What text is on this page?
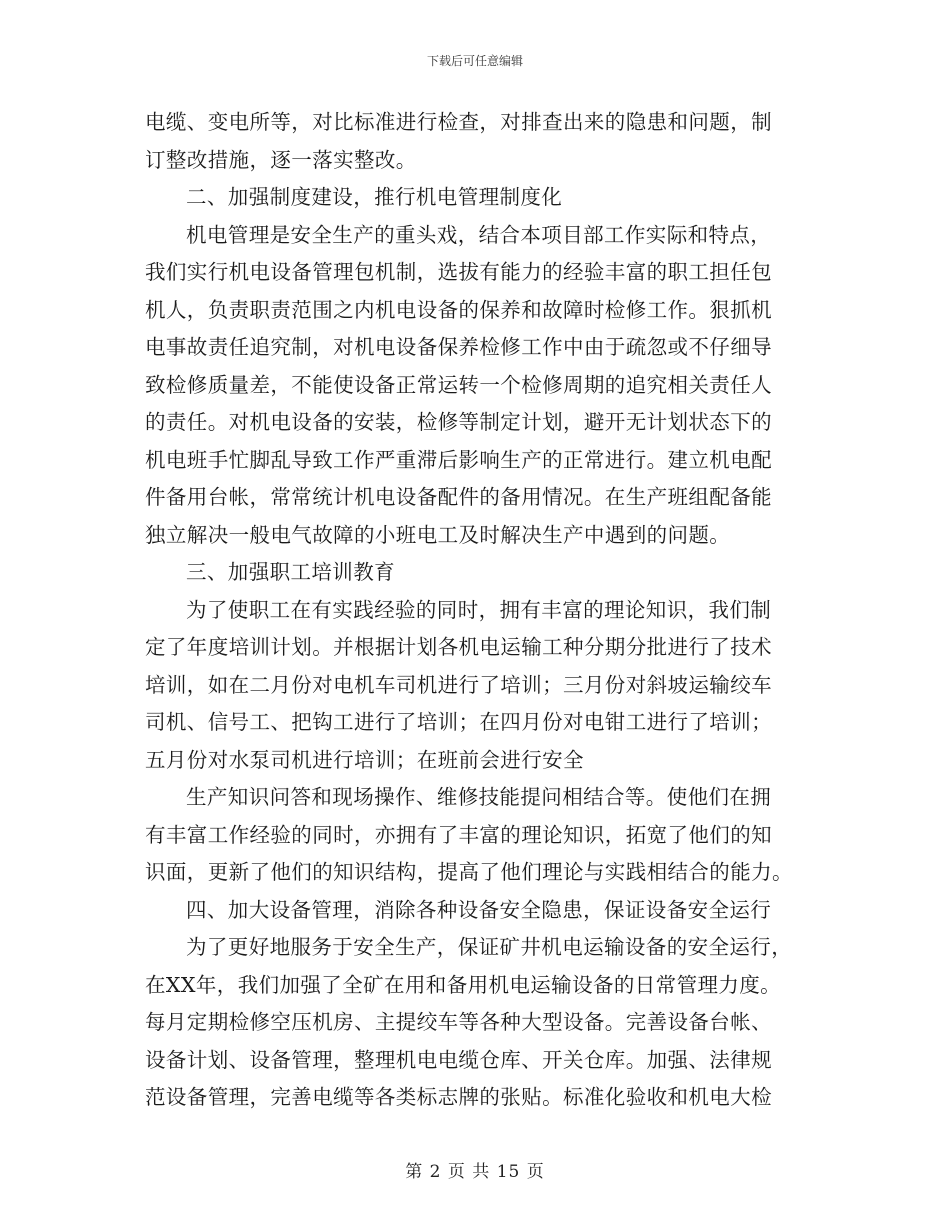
下载后可任意编辑
电缆、变电所等，对比标准进行检查，对排查出来的隐患和问题，制
订整改措施，逐一落实整改。
二、加强制度建设，推行机电管理制度化
机电管理是安全生产的重头戏，结合本项目部工作实际和特点，
我们实行机电设备管理包机制，选拔有能力的经验丰富的职工担任包
机人，负责职责范围之内机电设备的保养和故障时检修工作。狠抓机
电事故责任追究制，对机电设备保养检修工作中由于疏忽或不仔细导
致检修质量差，不能使设备正常运转一个检修周期的追究相关责任人
的责任。对机电设备的安装，检修等制定计划，避开无计划状态下的
机电班手忙脚乱导致工作严重滞后影响生产的正常进行。建立机电配
件备用台帐，常常统计机电设备配件的备用情况。在生产班组配备能
独立解决一般电气故障的小班电工及时解决生产中遇到的问题。
三、加强职工培训教育
为了使职工在有实践经验的同时，拥有丰富的理论知识，我们制
定了年度培训计划。并根据计划各机电运输工种分期分批进行了技术
培训，如在二月份对电机车司机进行了培训；三月份对斜坡运输绞车
司机、信号工、把钩工进行了培训；在四月份对电钳工进行了培训；
五月份对水泵司机进行培训；在班前会进行安全
生产知识问答和现场操作、维修技能提问相结合等。使他们在拥
有丰富工作经验的同时，亦拥有了丰富的理论知识，拓宽了他们的知
识面，更新了他们的知识结构，提高了他们理论与实践相结合的能力。
四、加大设备管理，消除各种设备安全隐患，保证设备安全运行
为了更好地服务于安全生产，保证矿井机电运输设备的安全运行，
在XX年，我们加强了全矿在用和备用机电运输设备的日常管理力度。
每月定期检修空压机房、主提绞车等各种大型设备。完善设备台帐、
设备计划、设备管理，整理机电电缆仓库、开关仓库。加强、法律规
范设备管理，完善电缆等各类标志牌的张贴。标准化验收和机电大检
第 2 页 共 15 页
